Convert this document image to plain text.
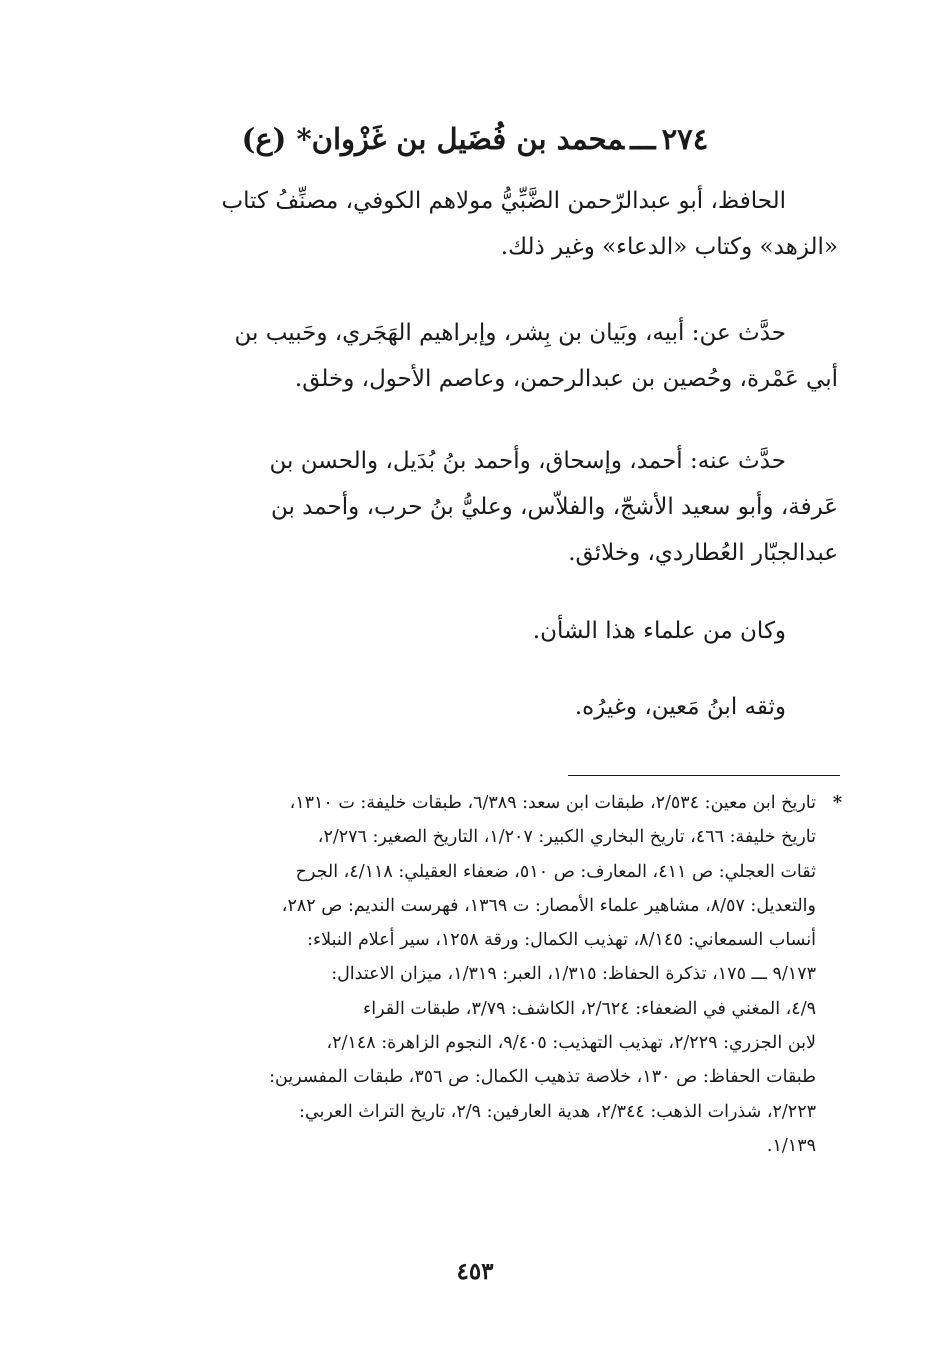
٢٧٤ـــمحمد بن فُضَيل بن غَزْوان* (ع)
الحافظ، أبو عبدالرّحمن الضَّبِّيُّ مولاهم الكوفي، مصنِّفُ كتاب
«الزهد» وكتاب «الدعاء» وغير ذلك.
حدَّث عن: أبيه، وبَيان بن بِشر، وإبراهيم الهَجَري، وحَبيب بن
أبي عَمْرة، وحُصين بن عبدالرحمن، وعاصم الأحول، وخلق.
حدَّث عنه: أحمد، وإسحاق، وأحمد بنُ بُدَيل، والحسن بن
عَرفة، وأبو سعيد الأشجّ، والفلاّس، وعليُّ بنُ حرب، وأحمد بن
عبدالجبّار العُطاردي، وخلائق.
وكان من علماء هذا الشأن.
وثقه ابنُ مَعين، وغيرُه.
*تاريخ ابن معين: ٢/٥٣٤، طبقات ابن سعد: ٦/٣٨٩، طبقات خليفة: ت ١٣١٠،
تاريخ خليفة: ٤٦٦، تاريخ البخاري الكبير: ١/٢٠٧، التاريخ الصغير: ٢/٢٧٦،
ثقات العجلي: ص ٤١١، المعارف: ص ٥١٠، ضعفاء العقيلي: ٤/١١٨، الجرح
والتعديل: ٨/٥٧، مشاهير علماء الأمصار: ت ١٣٦٩، فهرست النديم: ص ٢٨٢،
أنساب السمعاني: ٨/١٤٥، تهذيب الكمال: ورقة ١٢٥٨، سير أعلام النبلاء:
٩/١٧٣ ـــ ١٧٥، تذكرة الحفاظ: ١/٣١٥، العبر: ١/٣١٩، ميزان الاعتدال:
٤/٩، المغني في الضعفاء: ٢/٦٢٤، الكاشف: ٣/٧٩، طبقات القراء
لابن الجزري: ٢/٢٢٩، تهذيب التهذيب: ٩/٤٠٥، النجوم الزاهرة: ٢/١٤٨،
طبقات الحفاظ: ص ١٣٠، خلاصة تذهيب الكمال: ص ٣٥٦، طبقات المفسرين:
٢/٢٢٣، شذرات الذهب: ٢/٣٤٤، هدية العارفين: ٢/٩، تاريخ التراث العربي:
١/١٣٩.
٤٥٣
